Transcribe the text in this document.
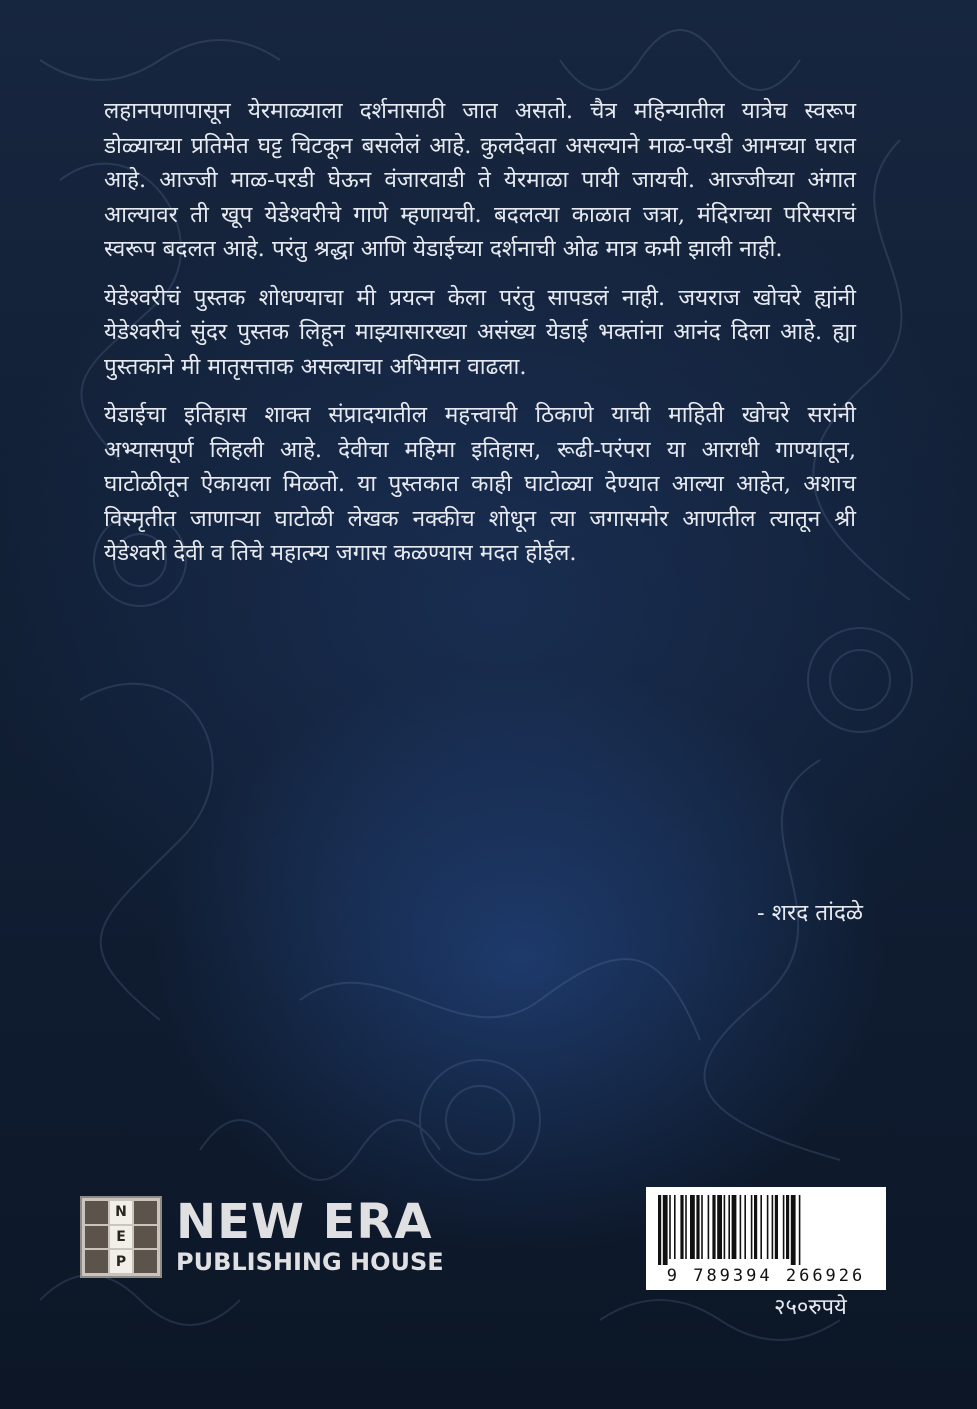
लहानपणापासून येरमाळ्याला दर्शनासाठी जात असतो. चैत्र महिन्यातील यात्रेच स्वरूप डोळ्याच्या प्रतिमेत घट्ट चिटकून बसलेलं आहे. कुलदेवता असल्याने माळ-परडी आमच्या घरात आहे. आज्जी माळ-परडी घेऊन वंजारवाडी ते येरमाळा पायी जायची. आज्जीच्या अंगात आल्यावर ती खूप येडेश्वरीचे गाणे म्हणायची. बदलत्या काळात जत्रा, मंदिराच्या परिसराचं स्वरूप बदलत आहे. परंतु श्रद्धा आणि येडाईच्या दर्शनाची ओढ मात्र कमी झाली नाही.

येडेश्वरीचं पुस्तक शोधण्याचा मी प्रयत्न केला परंतु सापडलं नाही. जयराज खोचरे ह्यांनी येडेश्वरीचं सुंदर पुस्तक लिहून माझ्यासारख्या असंख्य येडाई भक्तांना आनंद दिला आहे. ह्या पुस्तकाने मी मातृसत्ताक असल्याचा अभिमान वाढला.

येडाईचा इतिहास शाक्त संप्रादयातील महत्त्वाची ठिकाणे याची माहिती खोचरे सरांनी अभ्यासपूर्ण लिहली आहे. देवीचा महिमा इतिहास, रूढी-परंपरा या आराधी गाण्यातून, घाटोळीतून ऐकायला मिळतो. या पुस्तकात काही घाटोळ्या देण्यात आल्या आहेत, अशाच विस्मृतीत जाणाऱ्या घाटोळी लेखक नक्कीच शोधून त्या जगासमोर आणतील त्यातून श्री येडेश्वरी देवी व तिचे महात्म्य जगास कळण्यास मदत होईल.

- शरद तांदळे
N
E
P
NEW ERA
PUBLISHING HOUSE	9 789394 266926
२५०रुपये
